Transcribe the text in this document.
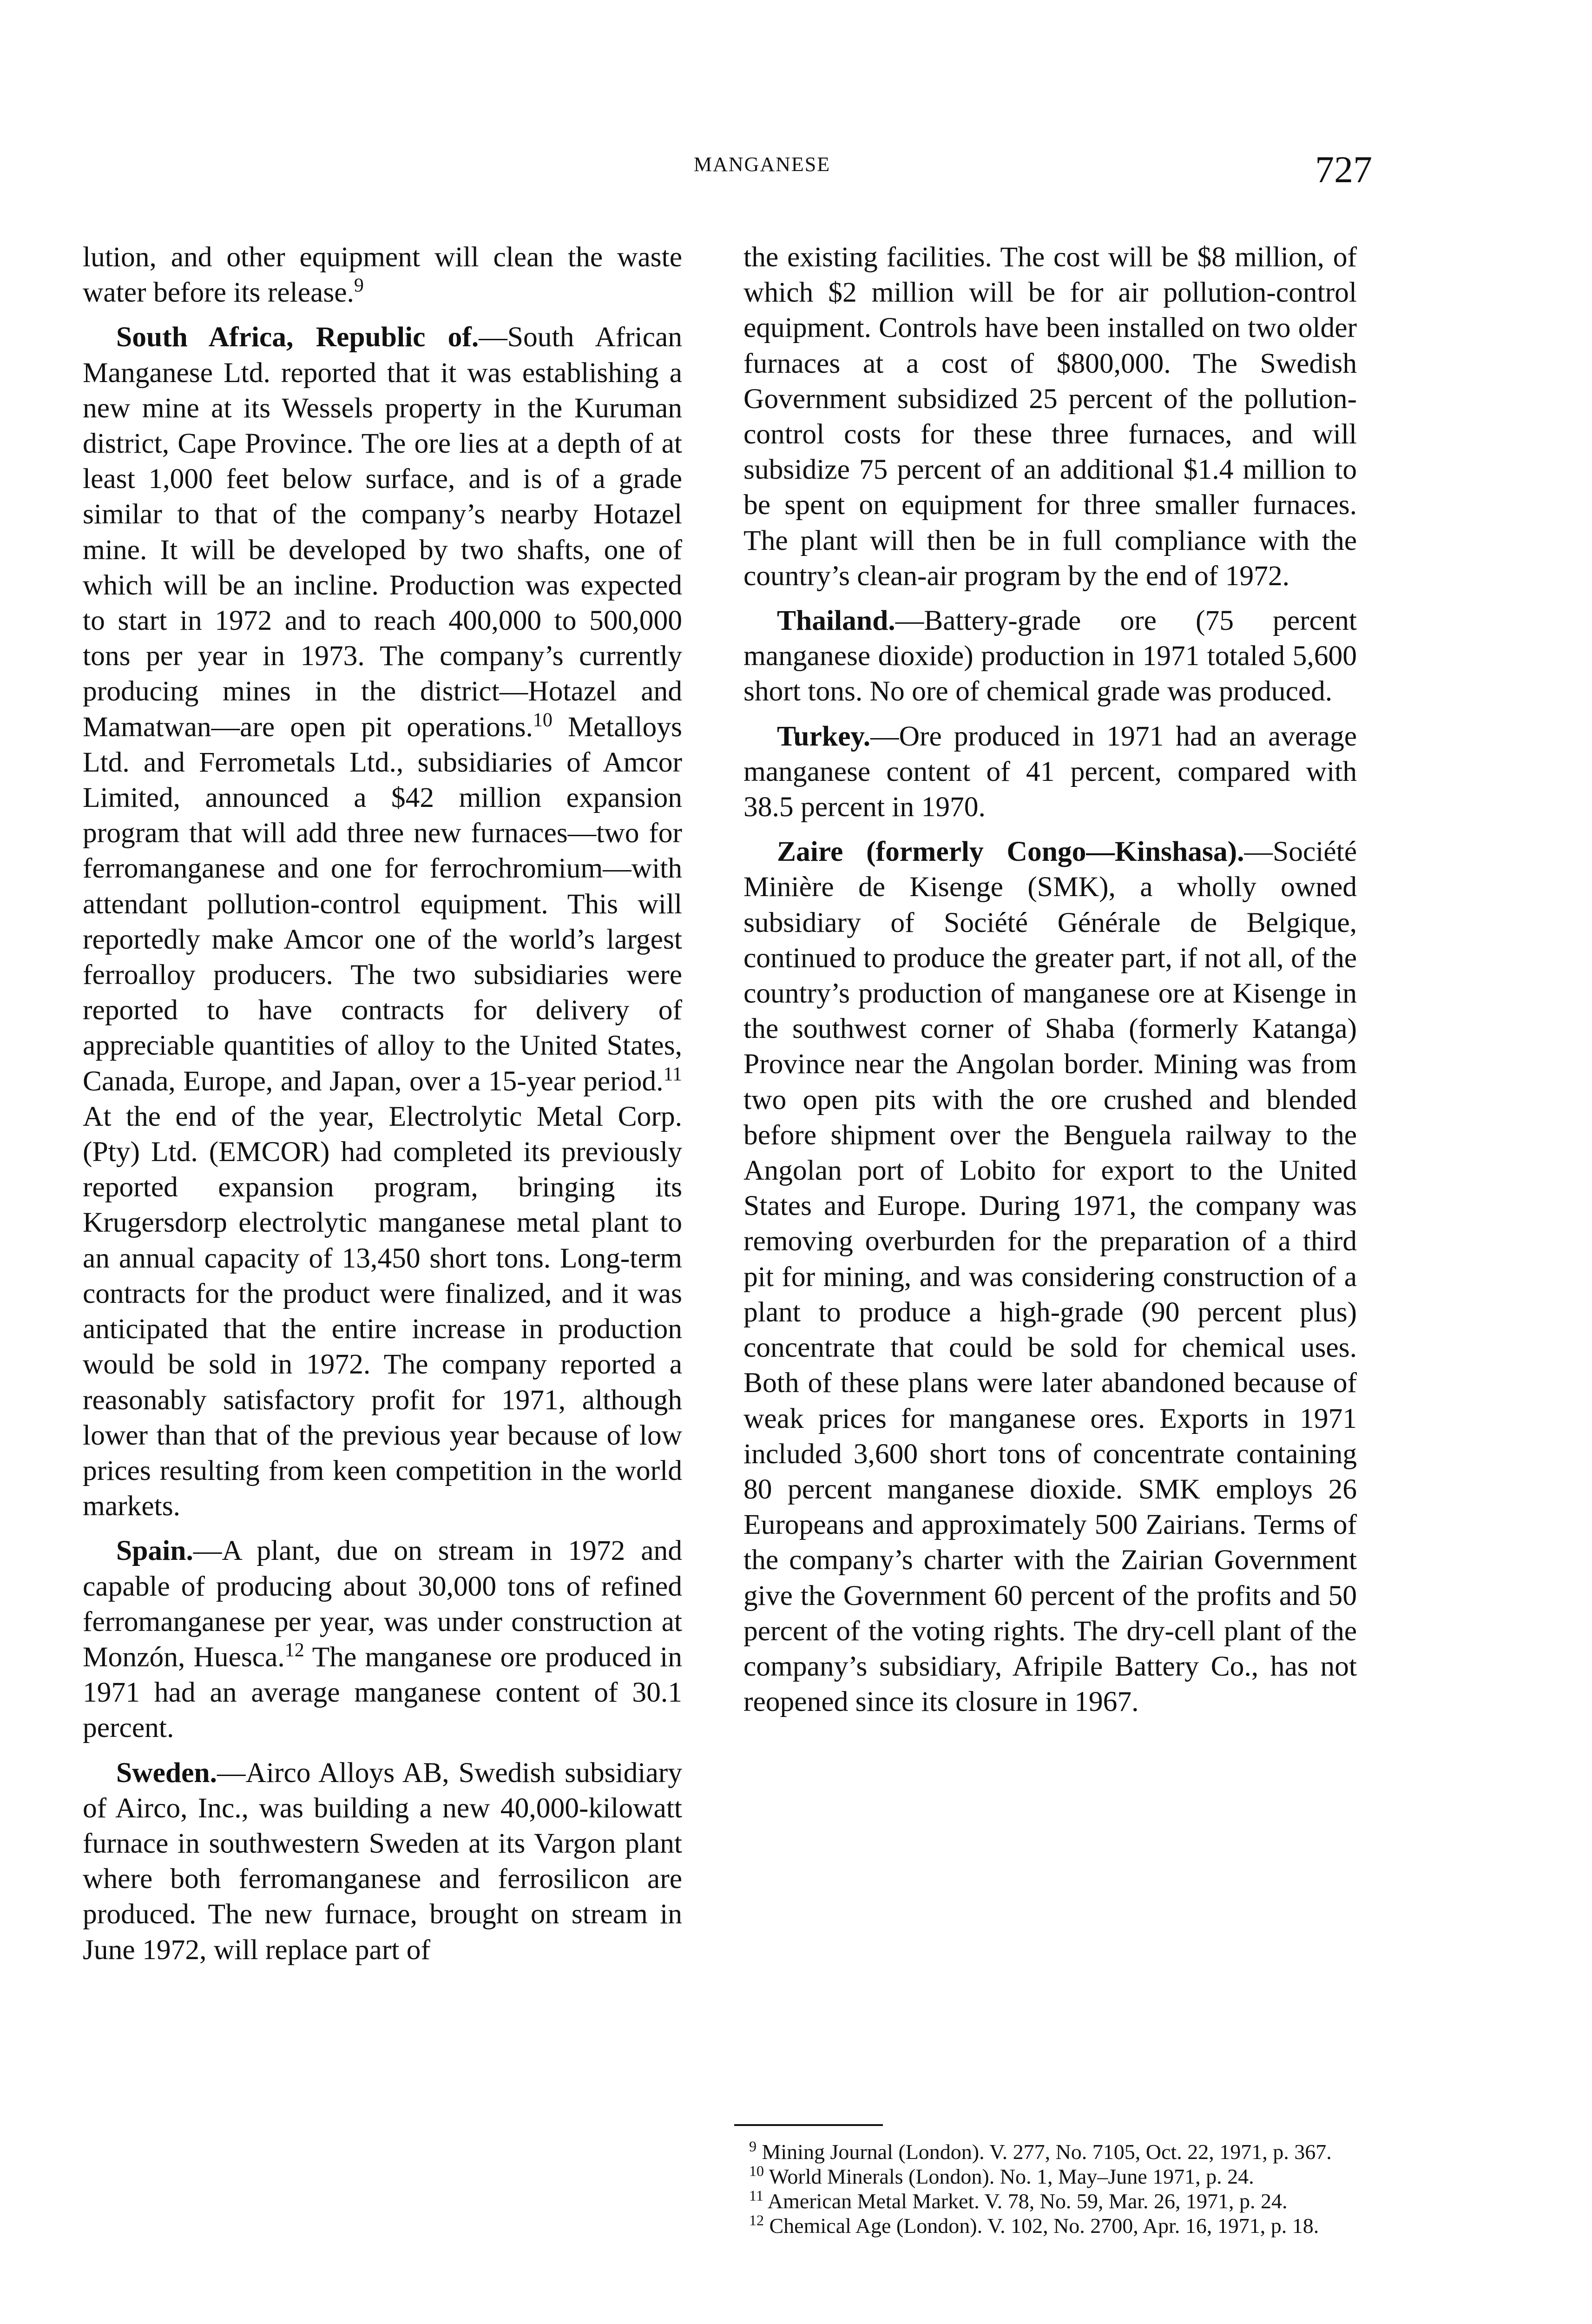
MANGANESE	727

lution, and other equipment will clean the waste water before its release.$^9$

South Africa, Republic of.—South African Manganese Ltd. reported that it was establishing a new mine at its Wessels property in the Kuruman district, Cape Province. The ore lies at a depth of at least 1,000 feet below surface, and is of a grade similar to that of the company’s nearby Hotazel mine. It will be developed by two shafts, one of which will be an incline. Production was expected to start in 1972 and to reach 400,000 to 500,000 tons per year in 1973. The company’s currently producing mines in the district—Hotazel and Mamatwan—are open pit operations.$^{10}$ Metalloys Ltd. and Ferrometals Ltd., subsidiaries of Amcor Limited, announced a $42 million expansion program that will add three new furnaces—two for ferromanganese and one for ferrochromium—with attendant pollution-control equipment. This will reportedly make Amcor one of the world’s largest ferroalloy producers. The two subsidiaries were reported to have contracts for delivery of appreciable quantities of alloy to the United States, Canada, Europe, and Japan, over a 15-year period.$^{11}$ At the end of the year, Electrolytic Metal Corp. (Pty) Ltd. (EMCOR) had completed its previously reported expansion program, bringing its Krugersdorp electrolytic manganese metal plant to an annual capacity of 13,450 short tons. Long-term contracts for the product were finalized, and it was anticipated that the entire increase in production would be sold in 1972. The company reported a reasonably satisfactory profit for 1971, although lower than that of the previous year because of low prices resulting from keen competition in the world markets.

Spain.—A plant, due on stream in 1972 and capable of producing about 30,000 tons of refined ferromanganese per year, was under construction at Monzón, Huesca.$^{12}$ The manganese ore produced in 1971 had an average manganese content of 30.1 percent.

Sweden.—Airco Alloys AB, Swedish subsidiary of Airco, Inc., was building a new 40,000-kilowatt furnace in southwestern Sweden at its Vargon plant where both ferromanganese and ferrosilicon are produced. The new furnace, brought on stream in June 1972, will replace part of

the existing facilities. The cost will be $8 million, of which $2 million will be for air pollution-control equipment. Controls have been installed on two older furnaces at a cost of $800,000. The Swedish Government subsidized 25 percent of the pollution-control costs for these three furnaces, and will subsidize 75 percent of an additional $1.4 million to be spent on equipment for three smaller furnaces. The plant will then be in full compliance with the country’s clean-air program by the end of 1972.

Thailand.—Battery-grade ore (75 percent manganese dioxide) production in 1971 totaled 5,600 short tons. No ore of chemical grade was produced.

Turkey.—Ore produced in 1971 had an average manganese content of 41 percent, compared with 38.5 percent in 1970.

Zaire (formerly Congo—Kinshasa).—Société Minière de Kisenge (SMK), a wholly owned subsidiary of Société Générale de Belgique, continued to produce the greater part, if not all, of the country’s production of manganese ore at Kisenge in the southwest corner of Shaba (formerly Katanga) Province near the Angolan border. Mining was from two open pits with the ore crushed and blended before shipment over the Benguela railway to the Angolan port of Lobito for export to the United States and Europe. During 1971, the company was removing overburden for the preparation of a third pit for mining, and was considering construction of a plant to produce a high-grade (90 percent plus) concentrate that could be sold for chemical uses. Both of these plans were later abandoned because of weak prices for manganese ores. Exports in 1971 included 3,600 short tons of concentrate containing 80 percent manganese dioxide. SMK employs 26 Europeans and approximately 500 Zairians. Terms of the company’s charter with the Zairian Government give the Government 60 percent of the profits and 50 percent of the voting rights. The dry-cell plant of the company’s subsidiary, Afripile Battery Co., has not reopened since its closure in 1967.

$^9$ Mining Journal (London). V. 277, No. 7105, Oct. 22, 1971, p. 367.

$^{10}$ World Minerals (London). No. 1, May–June 1971, p. 24.

$^{11}$ American Metal Market. V. 78, No. 59, Mar. 26, 1971, p. 24.

$^{12}$ Chemical Age (London). V. 102, No. 2700, Apr. 16, 1971, p. 18.
